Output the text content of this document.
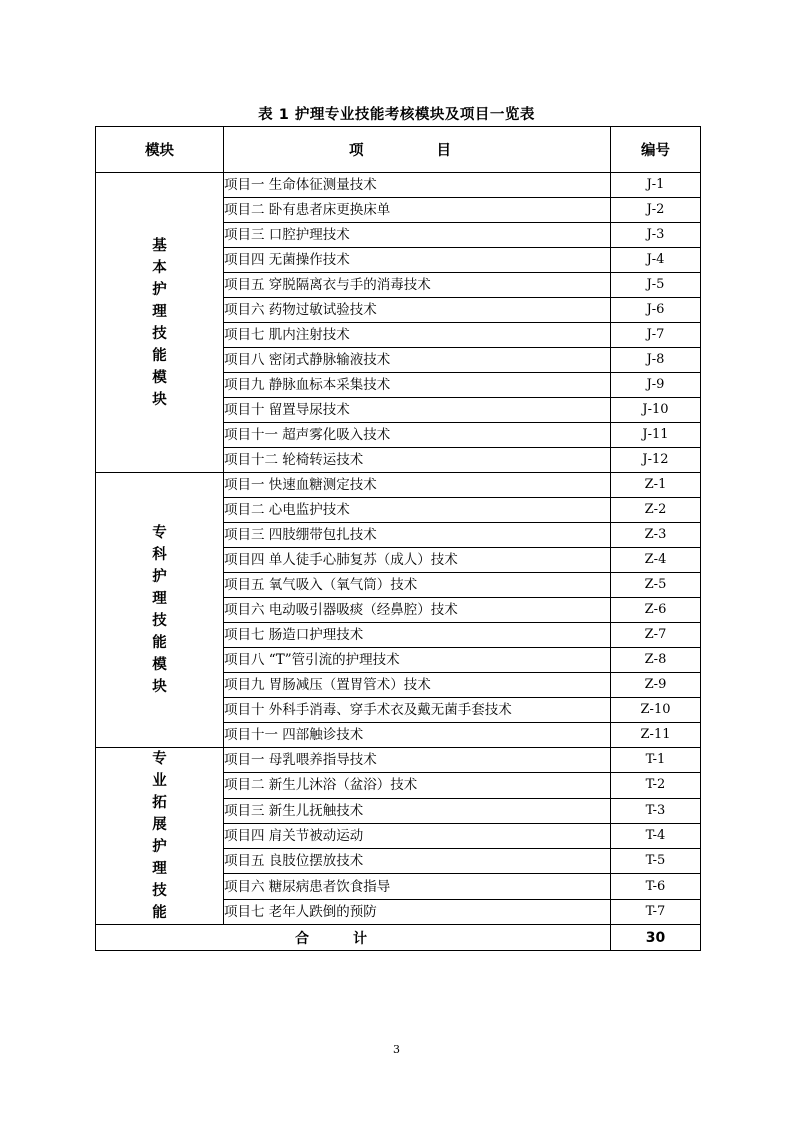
表 1 护理专业技能考核模块及项目一览表
模块	项 目	编号
基本护理技能模块	项目一 生命体征测量技术	J-1
	项目二 卧有患者床更换床单	J-2
	项目三 口腔护理技术	J-3
	项目四 无菌操作技术	J-4
	项目五 穿脱隔离衣与手的消毒技术	J-5
	项目六 药物过敏试验技术	J-6
	项目七 肌内注射技术	J-7
	项目八 密闭式静脉输液技术	J-8
	项目九 静脉血标本采集技术	J-9
	项目十 留置导尿技术	J-10
	项目十一 超声雾化吸入技术	J-11
	项目十二 轮椅转运技术	J-12
专科护理技能模块	项目一 快速血糖测定技术	Z-1
	项目二 心电监护技术	Z-2
	项目三 四肢绷带包扎技术	Z-3
	项目四 单人徒手心肺复苏（成人）技术	Z-4
	项目五 氧气吸入（氧气筒）技术	Z-5
	项目六 电动吸引器吸痰（经鼻腔）技术	Z-6
	项目七 肠造口护理技术	Z-7
	项目八 “T”管引流的护理技术	Z-8
	项目九 胃肠减压（置胃管术）技术	Z-9
	项目十 外科手消毒、穿手术衣及戴无菌手套技术	Z-10
	项目十一 四部触诊技术	Z-11
专业拓展护理技能	项目一 母乳喂养指导技术	T-1
	项目二 新生儿沐浴（盆浴）技术	T-2
	项目三 新生儿抚触技术	T-3
	项目四 肩关节被动运动	T-4
	项目五 良肢位摆放技术	T-5
	项目六 糖尿病患者饮食指导	T-6
	项目七 老年人跌倒的预防	T-7
合计		30
3
